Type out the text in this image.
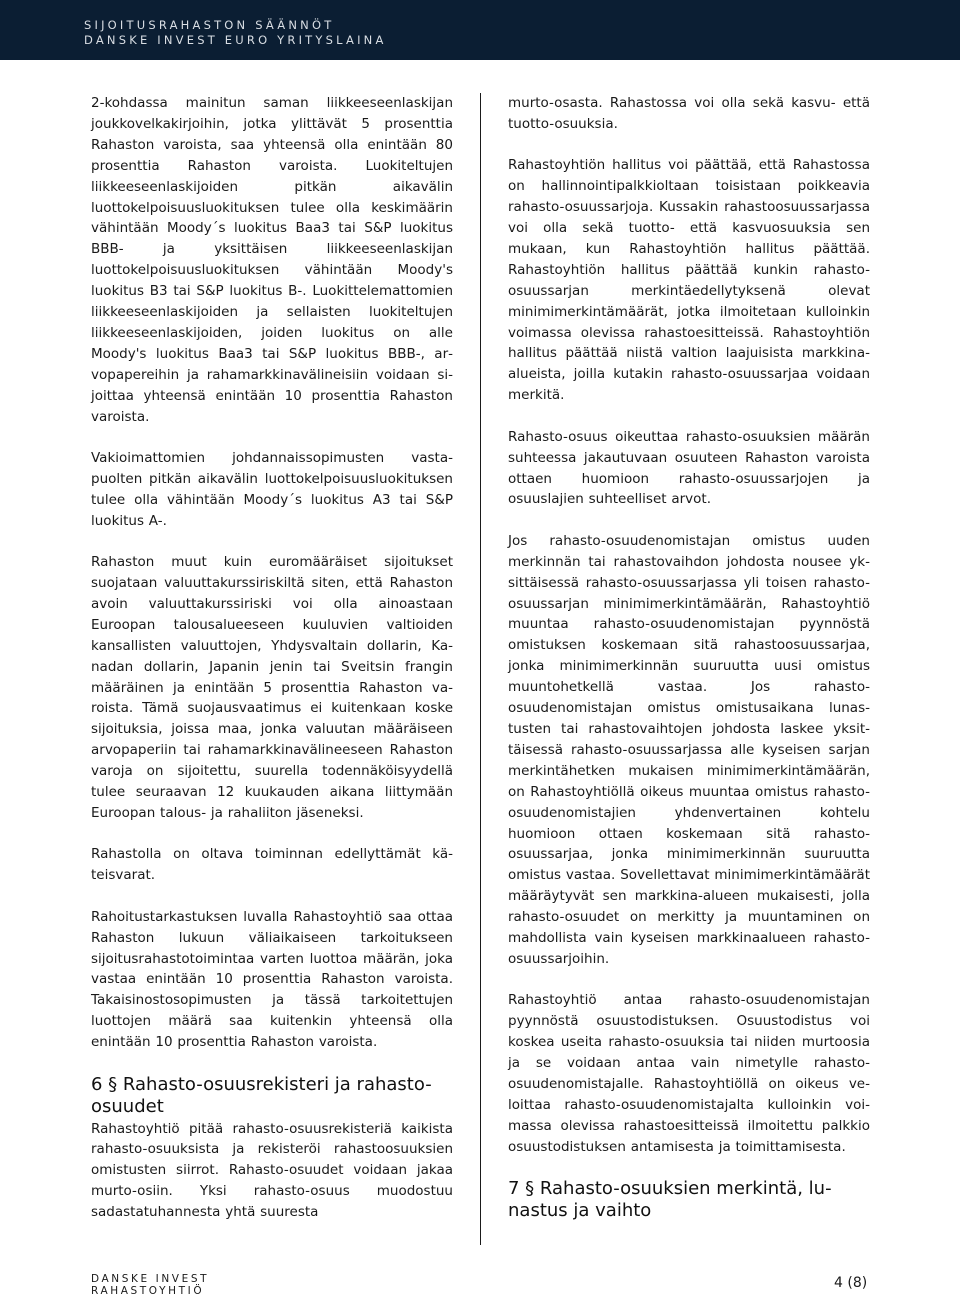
SIJOITUSRAHASTON SÄÄNNÖT
DANSKE INVEST EURO YRITYSLAINA

2-kohdassa mainitun saman liikkeeseenlaskijan joukkovelkakirjoihin, jotka ylittävät 5 prosenttia Rahaston varoista, saa yhteensä olla enintään 80 prosenttia Rahaston varoista. Luokiteltujen liikkeeseenlaskijoiden pitkän aikavälin luottokelpoisuusluokituksen tulee olla keskimäärin vähintään Moody´s luokitus Baa3 tai S&P luokitus BBB- ja yksittäisen liikkeeseenlaskijan luottokelpoisuusluokituksen vähintään Moody's luokitus B3 tai S&P luokitus B-. Luokittelemattomien liikkeeseenlaskijoiden ja sellaisten luokiteltujen liikkeeseenlaskijoiden, joiden luokitus on alle Moody's luokitus Baa3 tai S&P luokitus BBB-, arvopapereihin ja rahamarkkinavälineisiin voidaan sijoittaa yhteensä enintään 10 prosenttia Rahaston varoista.

Vakioimattomien johdannaissopimusten vastapuolten pitkän aikavälin luottokelpoisuusluokituksen tulee olla vähintään Moody´s luokitus A3 tai S&P luokitus A-.

Rahaston muut kuin euromääräiset sijoitukset suojataan valuuttakurssiriskiltä siten, että Rahaston avoin valuuttakurssiriski voi olla ainoastaan Euroopan talousalueeseen kuuluvien valtioiden kansallisten valuuttojen, Yhdysvaltain dollarin, Kanadan dollarin, Japanin jenin tai Sveitsin frangin määräinen ja enintään 5 prosenttia Rahaston varoista. Tämä suojausvaatimus ei kuitenkaan koske sijoituksia, joissa maa, jonka valuutan määräiseen arvopaperiin tai rahamarkkinavälineeseen Rahaston varoja on sijoitettu, suurella todennäköisyydellä tulee seuraavan 12 kuukauden aikana liittymään Euroopan talous- ja rahaliiton jäseneksi.

Rahastolla on oltava toiminnan edellyttämät käteisvarat.

Rahoitustarkastuksen luvalla Rahastoyhtiö saa ottaa Rahaston lukuun väliaikaiseen tarkoitukseen sijoitusrahastotoimintaa varten luottoa määrän, joka vastaa enintään 10 prosenttia Rahaston varoista. Takaisinostosopimusten ja tässä tarkoitettujen luottojen määrä saa kuitenkin yhteensä olla enintään 10 prosenttia Rahaston varoista.

6 § Rahasto-osuusrekisteri ja rahasto-osuudet

Rahastoyhtiö pitää rahasto-osuusrekisteriä kaikista rahasto-osuuksista ja rekisteröi rahastoosuuksien omistusten siirrot. Rahasto-osuudet voidaan jakaa murto-osiin. Yksi rahasto-osuus muodostuu sadastatuhannesta yhtä suuresta

murto-osasta. Rahastossa voi olla sekä kasvu- että tuotto-osuuksia.

Rahastoyhtiön hallitus voi päättää, että Rahastossa on hallinnointipalkkioltaan toisistaan poikkeavia rahasto-osuussarjoja. Kussakin rahastoosuussarjassa voi olla sekä tuotto- että kasvuosuuksia sen mukaan, kun Rahastoyhtiön hallitus päättää. Rahastoyhtiön hallitus päättää kunkin rahasto-osuussarjan merkintäedellytyksenä olevat minimimerkintämäärät, jotka ilmoitetaan kulloinkin voimassa olevissa rahastoesitteissä. Rahastoyhtiön hallitus päättää niistä valtion laajuisista markkina-alueista, joilla kutakin rahasto-osuussarjaa voidaan merkitä.

Rahasto-osuus oikeuttaa rahasto-osuuksien määrän suhteessa jakautuvaan osuuteen Rahaston varoista ottaen huomioon rahasto-osuussarjojen ja osuuslajien suhteelliset arvot.

Jos rahasto-osuudenomistajan omistus uuden merkinnän tai rahastovaihdon johdosta nousee yksittäisessä rahasto-osuussarjassa yli toisen rahasto-osuussarjan minimimerkintämäärän, Rahastoyhtiö muuntaa rahasto-osuudenomistajan pyynnöstä omistuksen koskemaan sitä rahastoosuussarjaa, jonka minimimerkinnän suuruutta uusi omistus muuntohetkellä vastaa. Jos rahastoosuudenomistajan omistus omistusaikana lunastusten tai rahastovaihtojen johdosta laskee yksittäisessä rahasto-osuussarjassa alle kyseisen sarjan merkintähetken mukaisen minimimerkintämäärän, on Rahastoyhtiöllä oikeus muuntaa omistus rahasto-osuudenomistajien yhdenvertainen kohtelu huomioon ottaen koskemaan sitä rahastoosuussarjaa, jonka minimimerkinnän suuruutta omistus vastaa. Sovellettavat minimimerkintämäärät määräytyvät sen markkina-alueen mukaisesti, jolla rahasto-osuudet on merkitty ja muuntaminen on mahdollista vain kyseisen markkinaalueen rahasto-osuussarjoihin.

Rahastoyhtiö antaa rahasto-osuudenomistajan pyynnöstä osuustodistuksen. Osuustodistus voi koskea useita rahasto-osuuksia tai niiden murtoosia ja se voidaan antaa vain nimetylle rahastoosuudenomistajalle. Rahastoyhtiöllä on oikeus veloittaa rahasto-osuudenomistajalta kulloinkin voimassa olevissa rahastoesitteissä ilmoitettu palkkio osuustodistuksen antamisesta ja toimittamisesta.

7 § Rahasto-osuuksien merkintä, lunastus ja vaihto
DANSKE INVEST
RAHASTOYHTIÖ	4 (8)
